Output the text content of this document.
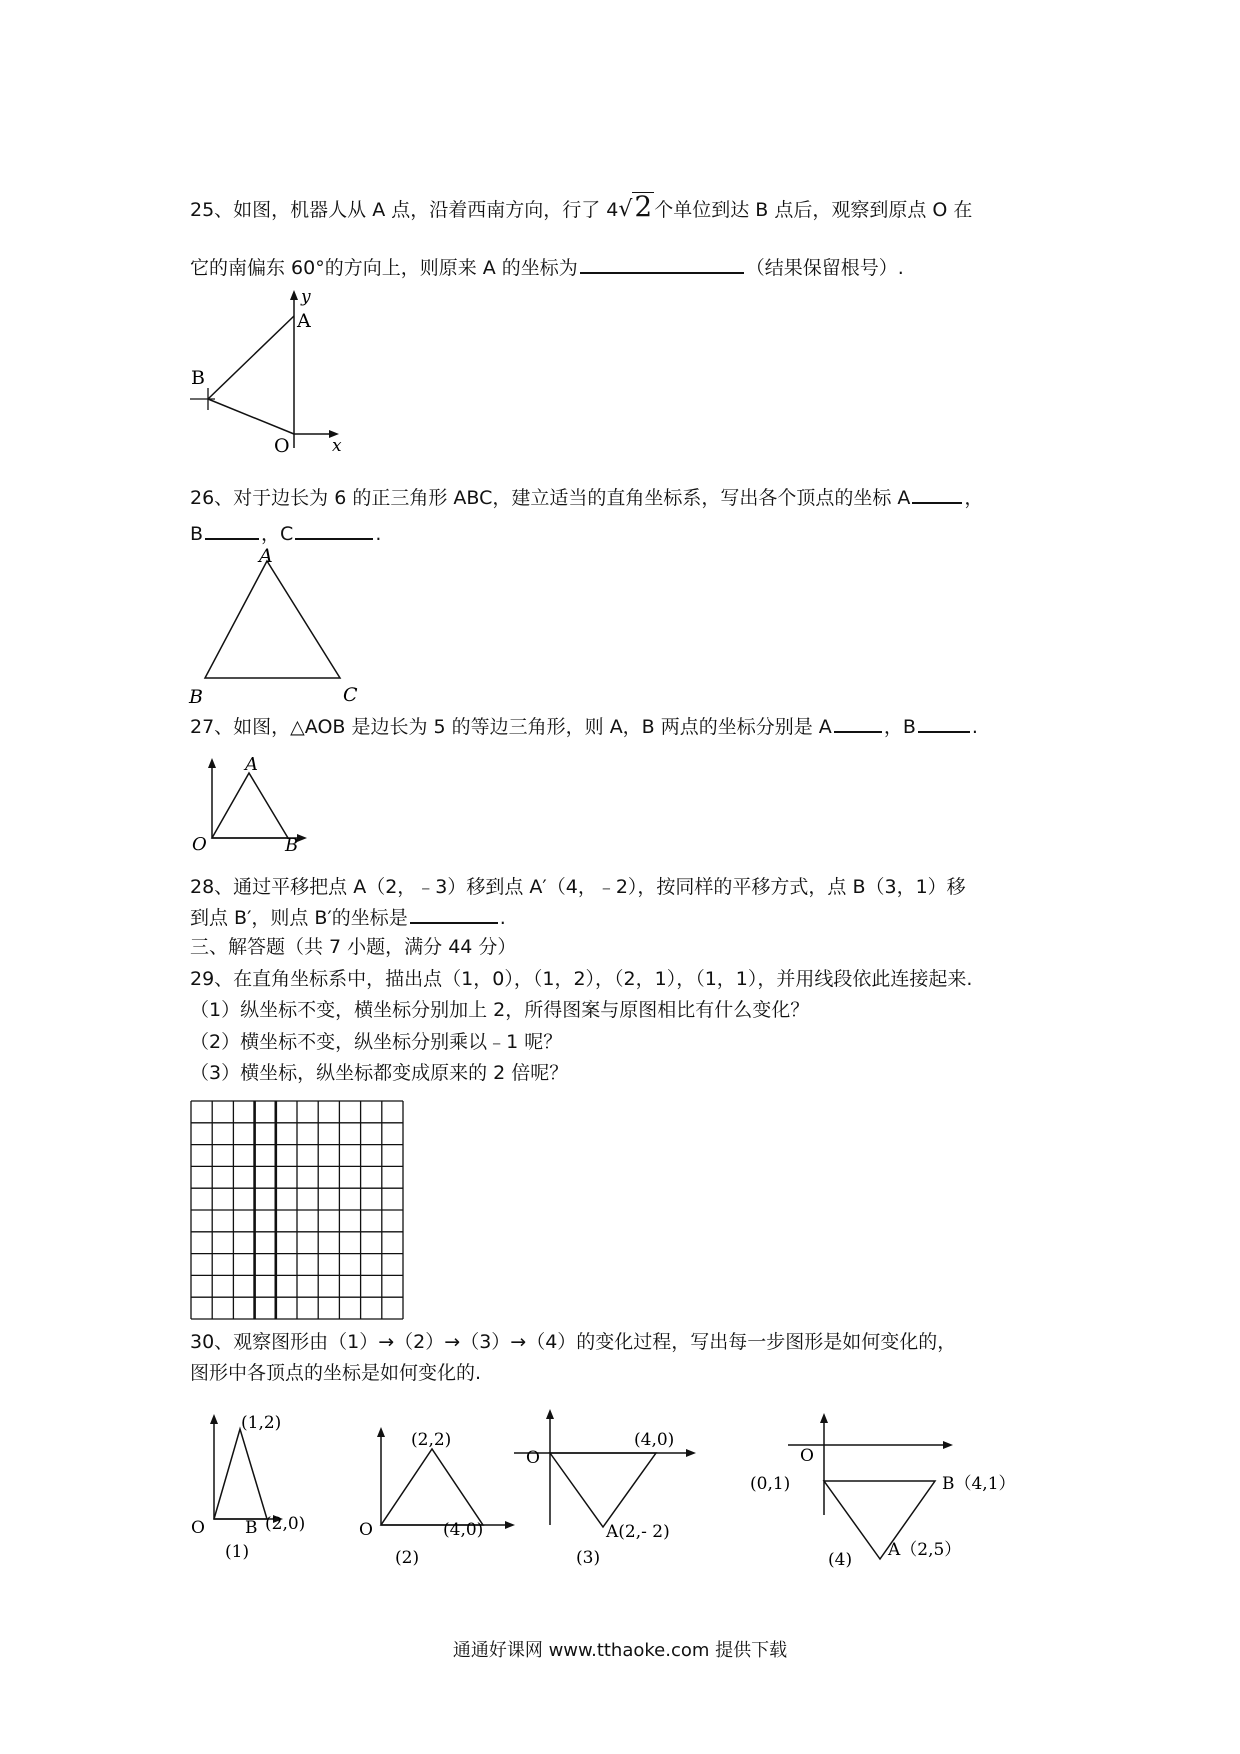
25、如图，机器人从 A 点，沿着西南方向，行了 4√2 个单位到达 B 点后，观察到原点 O 在
它的南偏东 60°的方向上，则原来 A 的坐标为	（结果保留根号）.
y
A
B
O x
26、对于边长为 6 的正三角形 ABC，建立适当的直角坐标系，写出各个顶点的坐标 A	，
B	，C	.
A
B	C
27、如图，△AOB 是边长为 5 的等边三角形，则 A，B 两点的坐标分别是 A	，B	.
A
O	B
28、通过平移把点 A（2，﹣3）移到点 A′（4，﹣2），按同样的平移方式，点 B（3，1）移
到点 B′，则点 B′的坐标是	.
三、解答题（共 7 小题，满分 44 分）
29、在直角坐标系中，描出点（1，0），（1，2），（2，1），（1，1），并用线段依此连接起来.
（1）纵坐标不变，横坐标分别加上 2，所得图案与原图相比有什么变化？
（2）横坐标不变，纵坐标分别乘以﹣1 呢？
（3）横坐标，纵坐标都变成原来的 2 倍呢？
30、观察图形由（1）→（2）→（3）→（4）的变化过程，写出每一步图形是如何变化的，
图形中各顶点的坐标是如何变化的.
(1,2)
O B (2,0)
(1)
(2,2)
O	(4,0)
(2)
(4,0)
O
A(2,- 2)
(3)
O
(0,1)	B（4,1）
A（2,5）
(4)
通通好课网 www.tthaoke.com 提供下载
